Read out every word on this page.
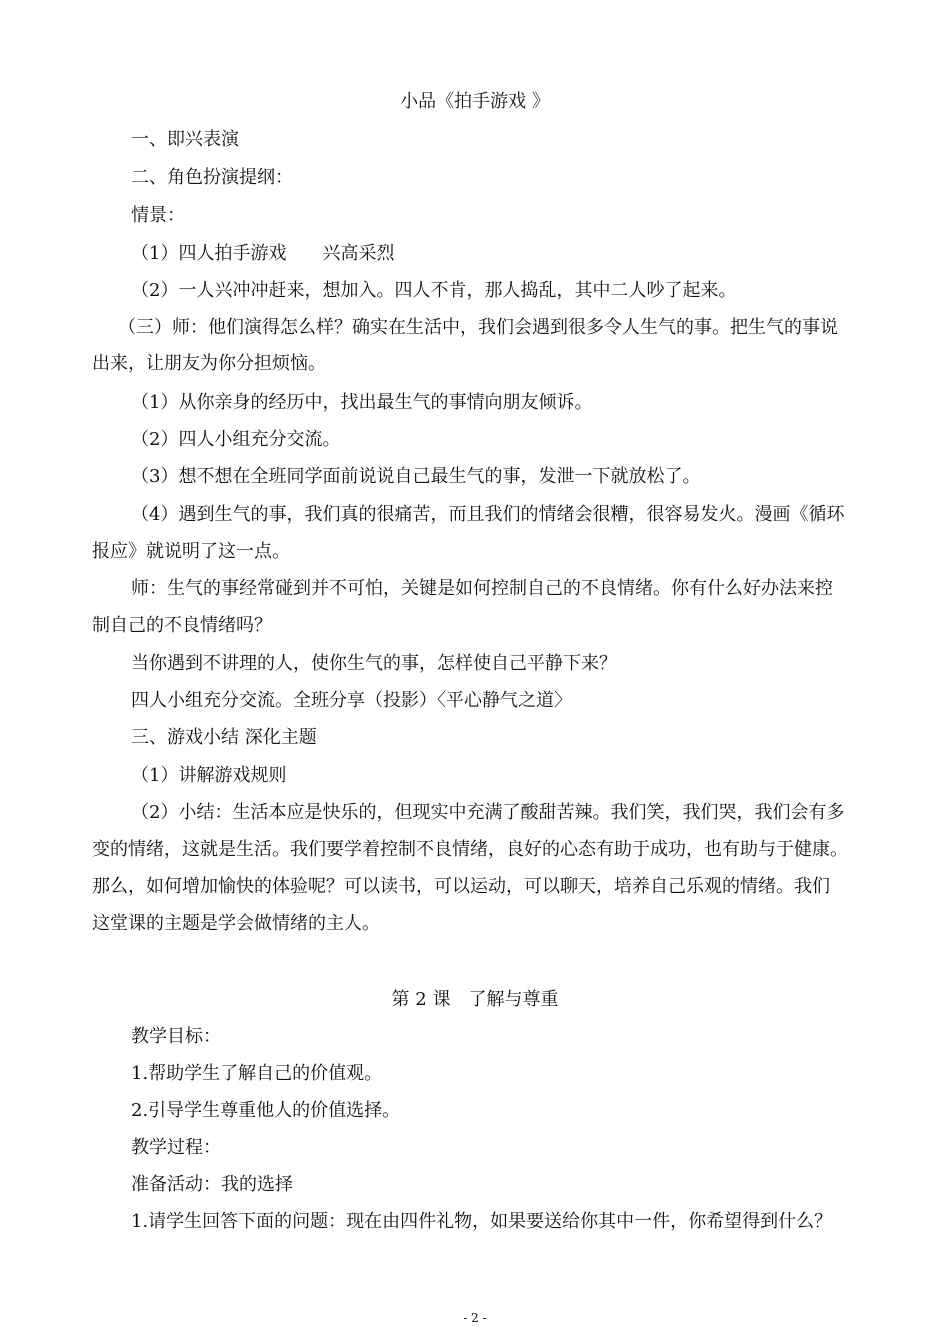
小品《拍手游戏 》
一、即兴表演
二、角色扮演提纲：
情景：
（1）四人拍手游戏　　兴高采烈
（2）一人兴冲冲赶来，想加入。四人不肯，那人捣乱，其中二人吵了起来。
（三）师：他们演得怎么样？确实在生活中，我们会遇到很多令人生气的事。把生气的事说
出来，让朋友为你分担烦恼。
（1）从你亲身的经历中，找出最生气的事情向朋友倾诉。
（2）四人小组充分交流。
（3）想不想在全班同学面前说说自己最生气的事，发泄一下就放松了。
（4）遇到生气的事，我们真的很痛苦，而且我们的情绪会很糟，很容易发火。漫画《循环
报应》就说明了这一点。
师：生气的事经常碰到并不可怕，关键是如何控制自己的不良情绪。你有什么好办法来控
制自己的不良情绪吗？
当你遇到不讲理的人，使你生气的事，怎样使自己平静下来？
四人小组充分交流。全班分享（投影）〈平心静气之道〉
三、游戏小结 深化主题
（1）讲解游戏规则
（2）小结：生活本应是快乐的，但现实中充满了酸甜苦辣。我们笑，我们哭，我们会有多
变的情绪，这就是生活。我们要学着控制不良情绪，良好的心态有助于成功，也有助与于健康。
那么，如何增加愉快的体验呢？可以读书，可以运动，可以聊天，培养自己乐观的情绪。我们
这堂课的主题是学会做情绪的主人。
第 2 课　了解与尊重
教学目标：
1.帮助学生了解自己的价值观。
2.引导学生尊重他人的价值选择。
教学过程：
准备活动：我的选择
1.请学生回答下面的问题：现在由四件礼物，如果要送给你其中一件，你希望得到什么？
- 2 -
